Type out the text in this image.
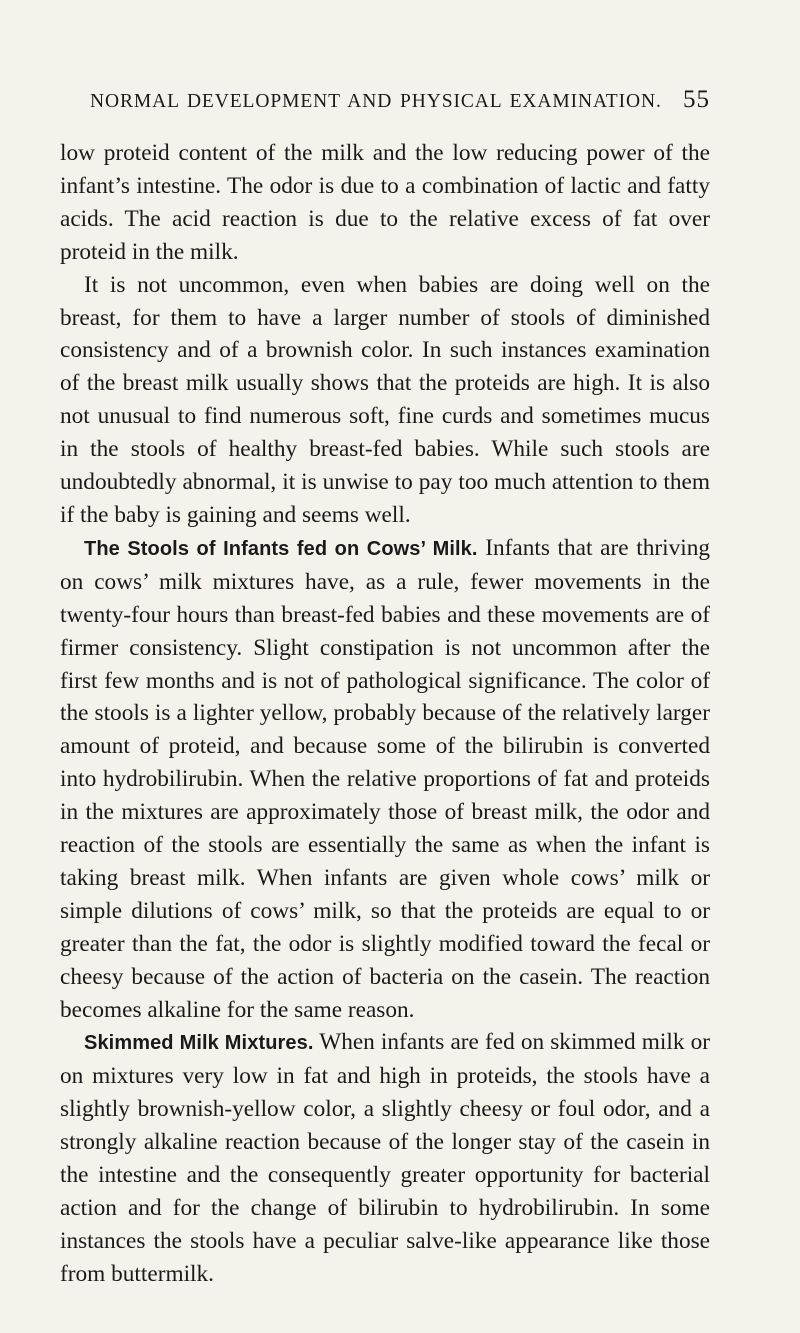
NORMAL DEVELOPMENT AND PHYSICAL EXAMINATION. 55

low proteid content of the milk and the low reducing power of the infant’s intestine. The odor is due to a combination of lactic and fatty acids. The acid reaction is due to the relative excess of fat over proteid in the milk.

It is not uncommon, even when babies are doing well on the breast, for them to have a larger number of stools of diminished consistency and of a brownish color. In such instances examination of the breast milk usually shows that the proteids are high. It is also not unusual to find numerous soft, fine curds and sometimes mucus in the stools of healthy breast-fed babies. While such stools are undoubtedly abnormal, it is unwise to pay too much attention to them if the baby is gaining and seems well.

The Stools of Infants fed on Cows’ Milk. Infants that are thriving on cows’ milk mixtures have, as a rule, fewer movements in the twenty-four hours than breast-fed babies and these movements are of firmer consistency. Slight constipation is not uncommon after the first few months and is not of pathological significance. The color of the stools is a lighter yellow, probably because of the relatively larger amount of proteid, and because some of the bilirubin is converted into hydrobilirubin. When the relative proportions of fat and proteids in the mixtures are approximately those of breast milk, the odor and reaction of the stools are essentially the same as when the infant is taking breast milk. When infants are given whole cows’ milk or simple dilutions of cows’ milk, so that the proteids are equal to or greater than the fat, the odor is slightly modified toward the fecal or cheesy because of the action of bacteria on the casein. The reaction becomes alkaline for the same reason.

Skimmed Milk Mixtures. When infants are fed on skimmed milk or on mixtures very low in fat and high in proteids, the stools have a slightly brownish-yellow color, a slightly cheesy or foul odor, and a strongly alkaline reaction because of the longer stay of the casein in the intestine and the consequently greater opportunity for bacterial action and for the change of bilirubin to hydrobilirubin. In some instances the stools have a peculiar salve-like appearance like those from buttermilk.
